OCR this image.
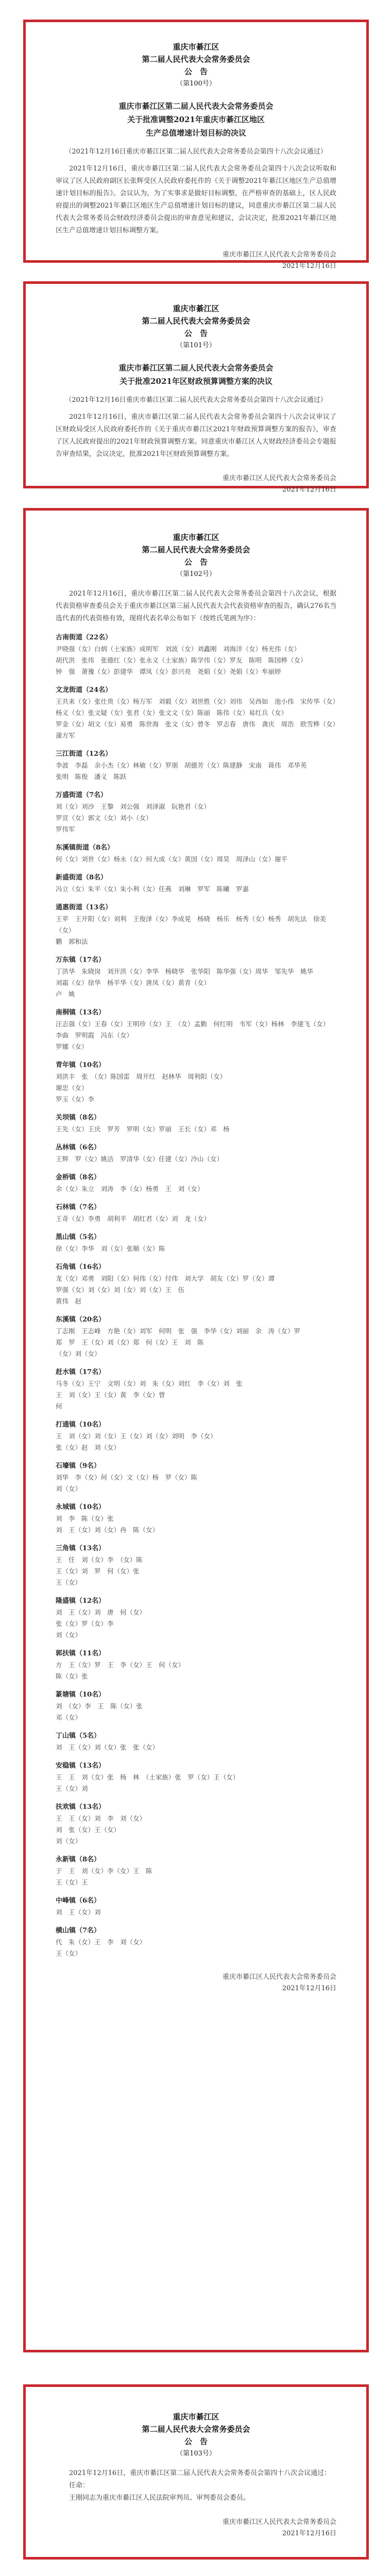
重庆市綦江区
第二届人民代表大会常务委员会
公　告
（第100号）
重庆市綦江区第二届人民代表大会常务委员会
关于批准调整2021年重庆市綦江区地区
生产总值增速计划目标的决议
（2021年12月16日重庆市綦江区第二届人民代表大会常务委员会第四十八次会议通过）
2021年12月16日，重庆市綦江区第二届人民代表大会常务委员会第四十八次会议听取和审议了区人民政府副区长张辉受区人民政府委托作的《关于调整2021年綦江区地区生产总值增速计划目标的报告》。会议认为，为了实事求是做好目标调整，在严格审查的基础上，区人民政府提出的调整2021年綦江区地区生产总值增速计划目标的建议，同意重庆市綦江区第二届人民代表大会常务委员会财政经济委员会提出的审查意见和建议，会议决定，批准2021年綦江区地区生产总值增速计划目标调整方案。
重庆市綦江区人民代表大会常务委员会
2021年12月16日
重庆市綦江区
第二届人民代表大会常务委员会
公　告
（第101号）
重庆市綦江区第二届人民代表大会常务委员会
关于批准2021年区财政预算调整方案的决议
（2021年12月16日重庆市綦江区第二届人民代表大会常务委员会第四十八次会议通过）
2021年12月16日，重庆市綦江区第二届人民代表大会常务委员会第四十八次会议审议了区财政局受区人民政府委托作的《关于重庆市綦江区2021年财政预算调整方案的报告》，审查了区人民政府提出的2021年财政预算调整方案。同意重庆市綦江区人大财政经济委员会专题报告审查结果，会议决定，批准2021年区财政预算调整方案。
重庆市綦江区人民代表大会常务委员会
2021年12月16日
重庆市綦江区
第二届人民代表大会常务委员会
公　告
（第102号）
2021年12月16日，重庆市綦江区第二届人民代表大会常务委员会第四十八次会议，根据代表资格审查委员会关于重庆市綦江区第三届人民代表大会代表资格审查的报告，确认276名当选代表的代表资格有效，现将代表名单公布如下（按姓氏笔画为序）：
古南街道（22名）
尹晓强（女）白炳（土家族）成明军　刘波（女）刘鑫刚　刘海洋（女）杨光伟（女）
胡代洪　张伟　张德红（女）张永义（土家族）陈学伟（女）罗友　陈明　陈国桦（女）
钟　强　萧豫（女）彭建华　谭凤（女）彭兴亮　尧娟（女）尧娟（女）牟丽婷
文龙街道（24名）
王共来（女）张仕贵（女）杨万军　刘毅（女）刘世胜（女）刘伟　吴西如　池小伟　宋传华（女）杨义（女）张文疑（女）张君（女）张文文（女）陈丽　陈伟（女）易红兵（女）
罗金（女）胡文（女）易勇　陈世海　张文（女）曾冬　罗志春　唐伟　龚庆　周浩　欧雪桦（女）蒲方军
三江街道（12名）
李波　李磊　余小杰（女）林敏（女）罗朋　胡德芳（女）陈建静　宋南　蒋伟　邓华英
张明　陈俊　潘义　陈跃
万盛街道（7名）
刘（女）刘沙　王黎　刘公强　刘泽淑　阮艳君（女）
罗宣（女）郭文（女）刘小（女）
罗伟军
东溪镇街道（8名）
何（女）刘世（女）杨永（女）何大成（女）黄国（女）周昊　周泽山（女）谢平
新盛街道（8名）
冯立（女）朱平（女）朱小利（女）任燕　刘琳　罗军　陈曦　罗嘉
通惠街道（13名）
王苹　王开阳（女）刘利　王俊泽（女）李成晃　杨晓　杨乐　杨秀（女）杨秀　胡先法　徐美（女）
鹏　郭和法
万东镇（17名）
丁洪华　朱晓岗　刘开洪（女）李华　杨晓华　张华阳　陈华强（女）周华　邹先华　姚华　
刘霜（女）徐华　杨平华（女）唐凤（女）黄青（女）
卢　姚　
南桐镇（13名）
汪志强（女）王春（女）王明珍（女）王　（女）孟勤　何红明　韦军（女）杨林　李建飞（女）
李曲　罗明霞　冯东（女）
罗娜（女）
青年镇（10名）
刘洪丰　张　（女）陈国雷　周开红　赵林华　周利阳（女）
谢忠（女）
罗玉（女）李　
关坝镇（8名）
王先（女）王庆　罗芳　罗明（女）罗丽　王长（女）邓　杨
丛林镇（6名）
王辉　罗（女）姚洁　罗清华（女）任建（女）冷山（女）
金桥镇（8名）
余（女）朱立　刘涛　李（女）杨勇　王　刘（女）
石林镇（7名）
王奇（女）李勇　胡利平　胡红君（女）刘　龙（女）
黑山镇（5名）
徐（女）李华　刘（女）张顺（女）陈
石角镇（16名）
龙（女）邓勇　刘阳（女）何伟（女）付伟　刘大学　胡友（女）罗（女）谭　
罗强（女）刘（女）刘（女）刘（女）王　伍　
黄伟　赵　
东溪镇（20名）
丁志刚　王志峰　方艳（女）刘军　何明　张　强　李华（女）刘丽　余　涛（女）罗　
郑　罗　王（女）刘（女）郑　何（女）王　刘　陈　
（女）刘（女）
赶水镇（17名）
马冬（女）王宁　文明（女）刘　朱（女）刘红　李（女）刘　张　
王　刘（女）王（女）黄　李（女）曾　
何　
打通镇（10名）
王　刘（女）刘（女）王（女）刘（女）刘明　李（女）
张（女）赵　刘（女）
石壕镇（9名）
刘华　李（女）何（女）文（女）杨　罗（女）陈　
刘（女）
永城镇（10名）
刘　李　陈（女）张　
刘　王（女）刘（女）冉　陈（女）
三角镇（13名）
王　任　刘（女）李　（女）陈　
王（女）刘　罗　何（女）张　
王（女）
隆盛镇（12名）
刘　王（女）刘　唐　何（女）
张（女）罗（女）李　
刘（女）
郭扶镇（11名）
方　王（女）罗　王　李（女）王　何（女）
陈（女）张　
篆塘镇（10名）
刘　（女）李　王　陈（女）张　
邓（女）
丁山镇（5名）
刘　王（女）刘（女）张　张（女）
安稳镇（13名）
王　王　刘（女）张　杨　林　（土家族）张　罗（女）王（女）
王（女）刘　
扶欢镇（13名）
王　王（女）刘　李　刘（女）
刘　张（女）王（女）
刘（女）
永新镇（8名）
于　王　刘（女）李（女）王　陈　
王（女）王
中峰镇（6名）
刘　王（女）刘　
横山镇（7名）
代　朱（女）王　李　刘（女）
王（女）
重庆市綦江区人民代表大会常务委员会
2021年12月16日
重庆市綦江区
第二届人民代表大会常务委员会
公　告
（第103号）
2021年12月16日，重庆市綦江区第二届人民代表大会常务委员会第四十八次会议通过：
任命：
王刚同志为重庆市綦江区人民法院审判员、审判委员会委员。
重庆市綦江区人民代表大会常务委员会
2021年12月16日
